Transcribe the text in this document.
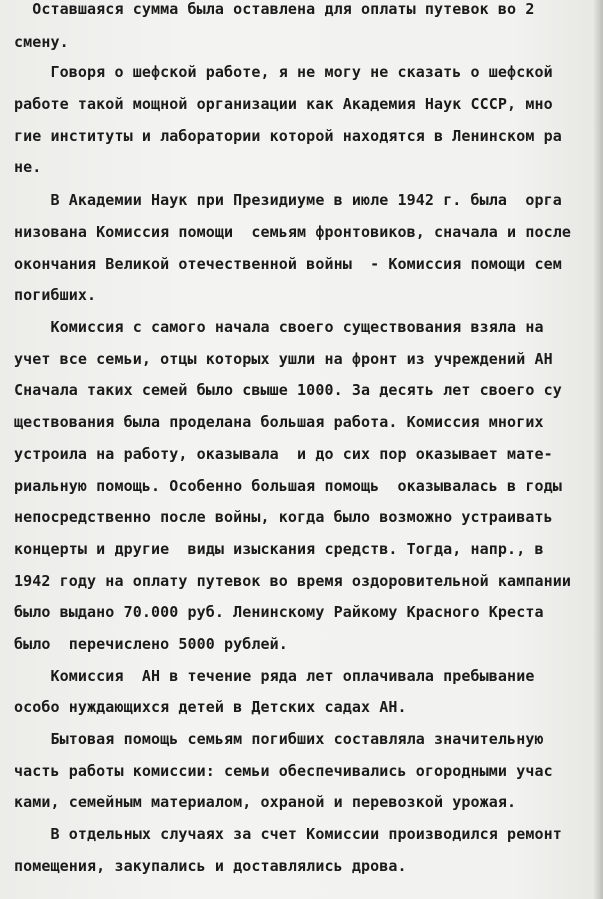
Оставшаяся сумма была оставлена для оплаты путевок во 2
смену.
Говоря о шефской работе, я не могу не сказать о шефской
работе такой мощной организации как Академия Наук СССР, мно
гие институты и лаборатории которой находятся в Ленинском ра
не.
В Академии Наук при Президиуме в июле 1942 г. была  орга
низована Комиссия помощи  семьям фронтовиков, сначала и после
окончания Великой отечественной войны  - Комиссия помощи сем
погибших.
Комиссия с самого начала своего существования взяла на
учет все семьи, отцы которых ушли на фронт из учреждений АН
Сначала таких семей было свыше 1000. За десять лет своего су
ществования была проделана большая работа. Комиссия многих
устроила на работу, оказывала  и до сих пор оказывает мате-
риальную помощь. Особенно большая помощь  оказывалась в годы
непосредственно после войны, когда было возможно устраивать
концерты и другие  виды изыскания средств. Тогда, напр., в
1942 году на оплату путевок во время оздоровительной кампании
было выдано 70.000 руб. Ленинскому Райкому Красного Креста
было  перечислено 5000 рублей.
Комиссия  АН в течение ряда лет оплачивала пребывание
особо нуждающихся детей в Детских садах АН.
Бытовая помощь семьям погибших составляла значительную
часть работы комиссии: семьи обеспечивались огородными учас
ками, семейным материалом, охраной и перевозкой урожая.
В отдельных случаях за счет Комиссии производился ремонт
помещения, закупались и доставлялись дрова.
